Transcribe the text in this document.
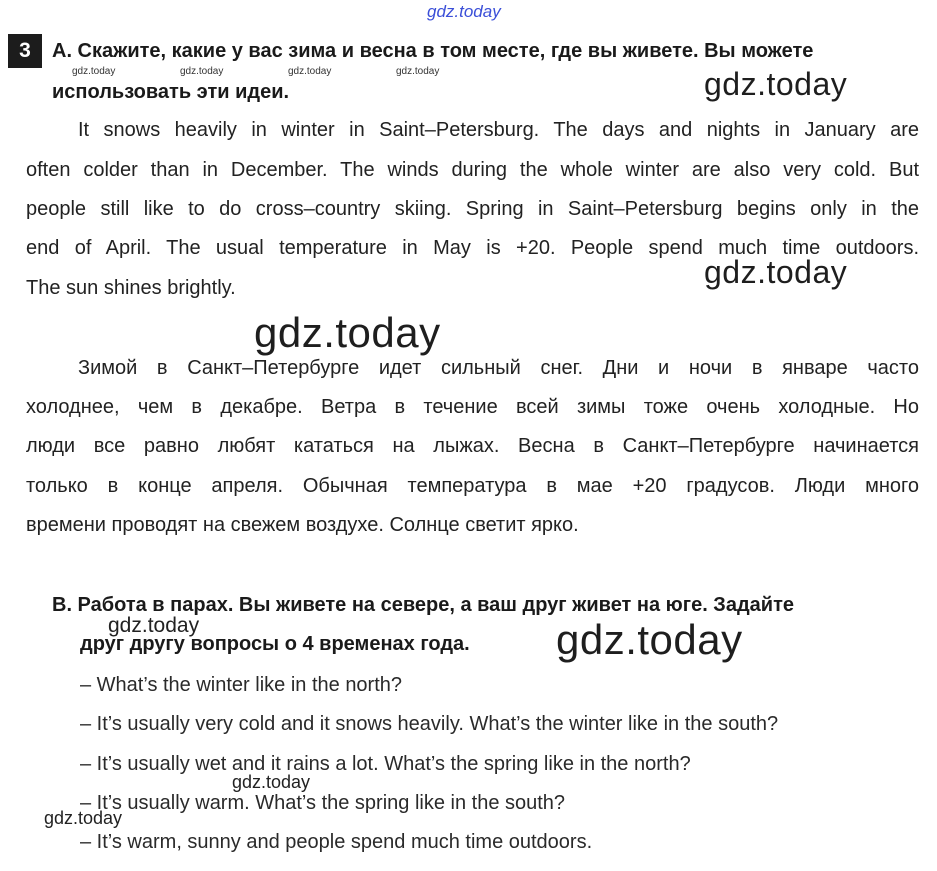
gdz.today
3	A. Скажите, какие у вас зима и весна в том месте, где вы живете. Вы можете
gdz.today	gdz.today	gdz.today	gdz.today
использовать эти идеи.	gdz.today
It snows heavily in winter in Saint–Petersburg. The days and nights in January are
often colder than in December. The winds during the whole winter are also very cold. But
people still like to do cross–country skiing. Spring in Saint–Petersburg begins only in the
end of April. The usual temperature in May is +20. People spend much time outdoors.
The sun shines brightly.	gdz.today
gdz.today
Зимой в Санкт–Петербурге идет сильный снег. Дни и ночи в январе часто
холоднее, чем в декабре. Ветра в течение всей зимы тоже очень холодные. Но
люди все равно любят кататься на лыжах. Весна в Санкт–Петербурге начинается
только в конце апреля. Обычная температура в мае +20 градусов. Люди много
времени проводят на свежем воздухе. Солнце светит ярко.
B. Работа в парах. Вы живете на севере, а ваш друг живет на юге. Задайте
gdz.today
друг другу вопросы о 4 временах года. gdz.today
– What’s the winter like in the north?
– It’s usually very cold and it snows heavily. What’s the winter like in the south?
– It’s usually wet and it rains a lot. What’s the spring like in the north?
gdz.today
– It’s usually warm. What’s the spring like in the south?
gdz.today
– It’s warm, sunny and people spend much time outdoors.
